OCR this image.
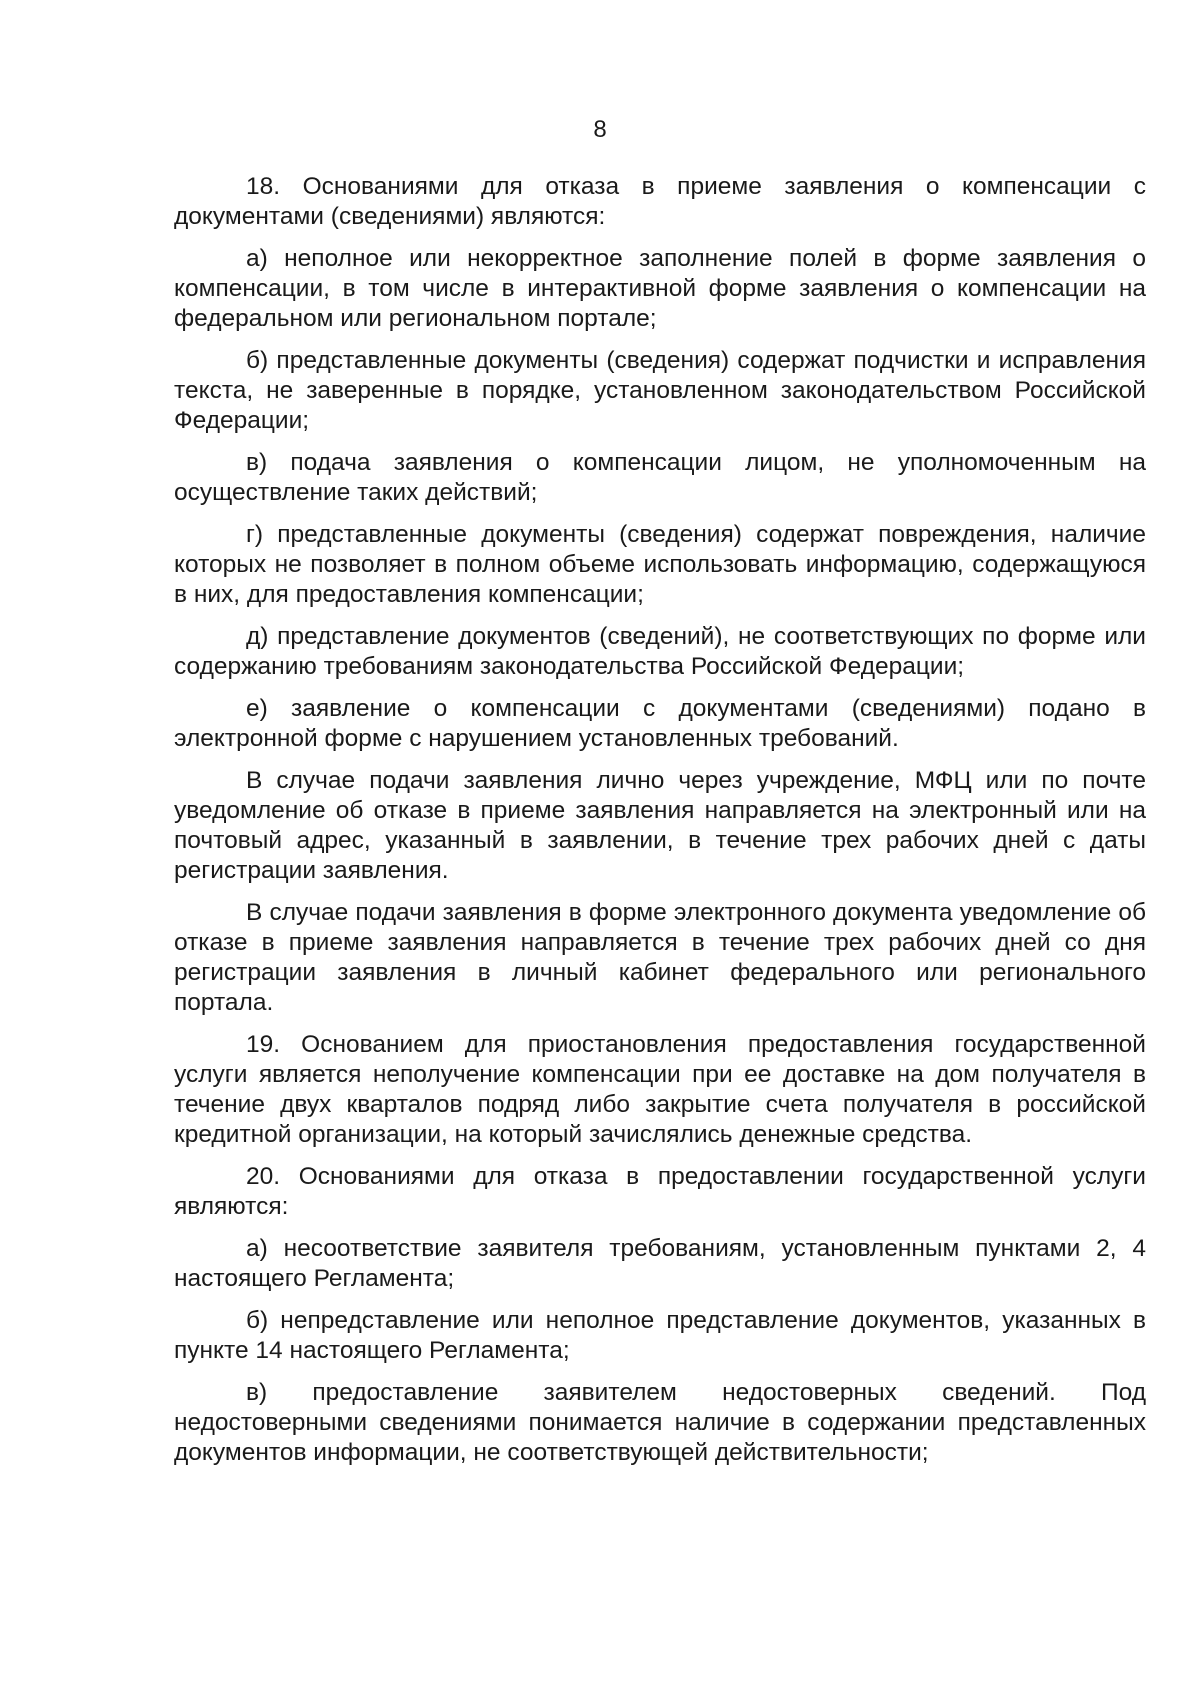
8

18. Основаниями для отказа в приеме заявления о компенсации с документами (сведениями) являются:

а) неполное или некорректное заполнение полей в форме заявления о компенсации, в том числе в интерактивной форме заявления о компенсации на федеральном или региональном портале;

б) представленные документы (сведения) содержат подчистки и исправления текста, не заверенные в порядке, установленном законодательством Российской Федерации;

в) подача заявления о компенсации лицом, не уполномоченным на осуществление таких действий;

г) представленные документы (сведения) содержат повреждения, наличие которых не позволяет в полном объеме использовать информацию, содержащуюся в них, для предоставления компенсации;

д) представление документов (сведений), не соответствующих по форме или содержанию требованиям законодательства Российской Федерации;

е) заявление о компенсации с документами (сведениями) подано в электронной форме с нарушением установленных требований.

В случае подачи заявления лично через учреждение, МФЦ или по почте уведомление об отказе в приеме заявления направляется на электронный или на почтовый адрес, указанный в заявлении, в течение трех рабочих дней с даты регистрации заявления.

В случае подачи заявления в форме электронного документа уведомление об отказе в приеме заявления направляется в течение трех рабочих дней со дня регистрации заявления в личный кабинет федерального или регионального портала.

19. Основанием для приостановления предоставления государственной услуги является неполучение компенсации при ее доставке на дом получателя в течение двух кварталов подряд либо закрытие счета получателя в российской кредитной организации, на который зачислялись денежные средства.

20. Основаниями для отказа в предоставлении государственной услуги являются:

а) несоответствие заявителя требованиям, установленным пунктами 2, 4 настоящего Регламента;

б) непредставление или неполное представление документов, указанных в пункте 14 настоящего Регламента;

в) предоставление заявителем недостоверных сведений. Под недостоверными сведениями понимается наличие в содержании представленных документов информации, не соответствующей действительности;
